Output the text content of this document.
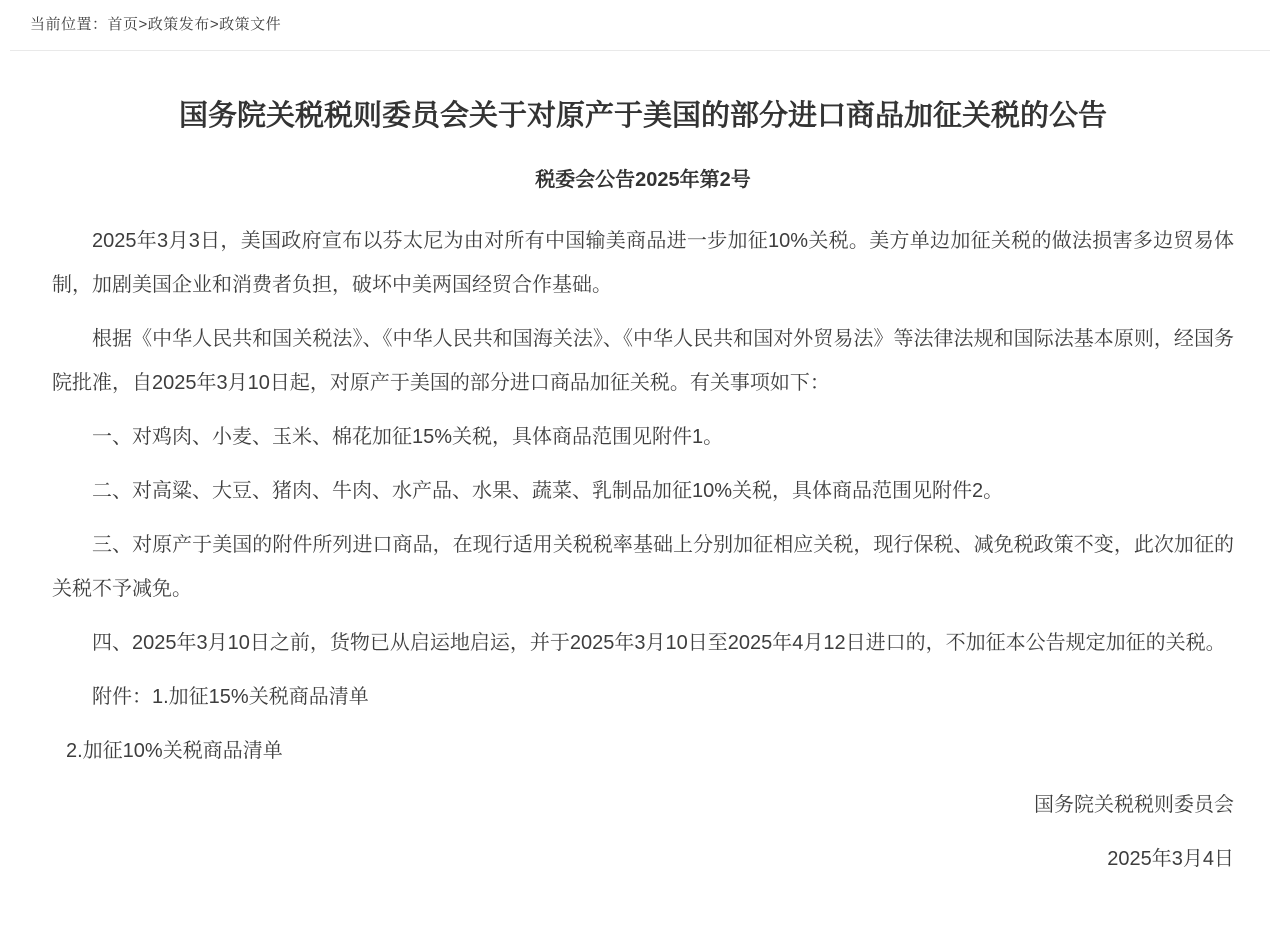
当前位置：首页>政策发布>政策文件
国务院关税税则委员会关于对原产于美国的部分进口商品加征关税的公告
税委会公告2025年第2号

2025年3月3日，美国政府宣布以芬太尼为由对所有中国输美商品进一步加征10%关税。美方单边加征关税的做法损害多边贸易体制，加剧美国企业和消费者负担，破坏中美两国经贸合作基础。

根据《中华人民共和国关税法》、《中华人民共和国海关法》、《中华人民共和国对外贸易法》等法律法规和国际法基本原则，经国务院批准，自2025年3月10日起，对原产于美国的部分进口商品加征关税。有关事项如下：

一、对鸡肉、小麦、玉米、棉花加征15%关税，具体商品范围见附件1。

二、对高粱、大豆、猪肉、牛肉、水产品、水果、蔬菜、乳制品加征10%关税，具体商品范围见附件2。

三、对原产于美国的附件所列进口商品，在现行适用关税税率基础上分别加征相应关税，现行保税、减免税政策不变，此次加征的关税不予减免。

四、2025年3月10日之前，货物已从启运地启运，并于2025年3月10日至2025年4月12日进口的，不加征本公告规定加征的关税。

附件：1.加征15%关税商品清单

2.加征10%关税商品清单

国务院关税税则委员会

2025年3月4日
